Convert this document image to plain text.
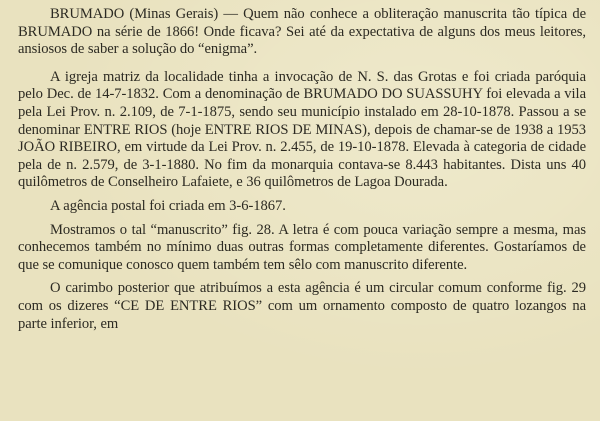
BRUMADO (Minas Gerais) — Quem não conhece a obliteração manuscrita tão típica de BRUMADO na série de 1866! Onde ficava? Sei até da expectativa de alguns dos meus leitores, ansiosos de saber a solução do “enigma”.

A igreja matriz da localidade tinha a invocação de N. S. das Grotas e foi criada paróquia pelo Dec. de 14-7-1832. Com a denominação de BRUMADO DO SUASSUHY foi elevada a vila pela Lei Prov. n. 2.109, de 7-1-1875, sendo seu município instalado em 28-10-1878. Passou a se denominar ENTRE RIOS (hoje ENTRE RIOS DE MINAS), depois de chamar-se de 1938 a 1953 JOÃO RIBEIRO, em virtude da Lei Prov. n. 2.455, de 19-10-1878. Elevada à categoria de cidade pela de n. 2.579, de 3-1-1880. No fim da monarquia contava-se 8.443 habitantes. Dista uns 40 quilômetros de Conselheiro Lafaiete, e 36 quilômetros de Lagoa Dourada.

A agência postal foi criada em 3-6-1867.

Mostramos o tal “manuscrito” fig. 28. A letra é com pouca variação sempre a mesma, mas conhecemos também no mínimo duas outras formas completamente diferentes. Gostaríamos de que se comunique conosco quem também tem sêlo com manuscrito diferente.

O carimbo posterior que atribuímos a esta agência é um circular comum conforme fig. 29 com os dizeres “CE DE ENTRE RIOS” com um ornamento composto de quatro lozangos na parte inferior, em
